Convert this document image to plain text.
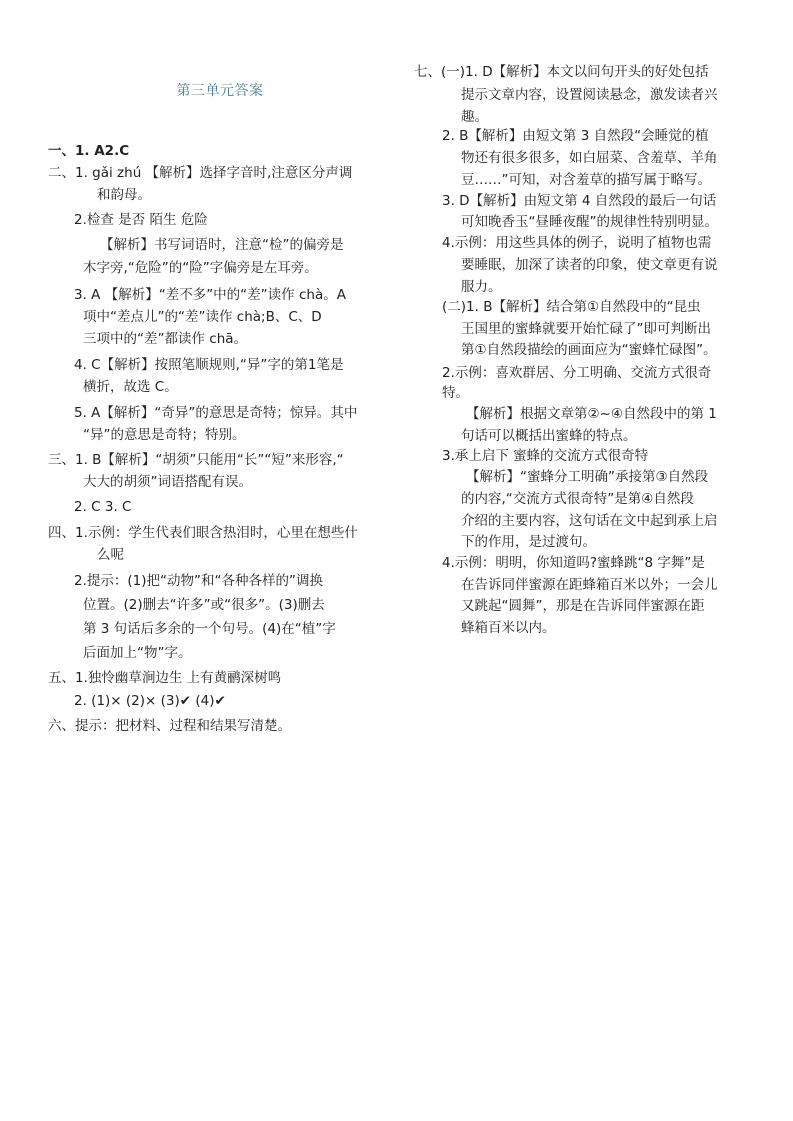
第三单元答案
一、1. A2.C
二、1. gǎi zhú 【解析】选择字音时,注意区分声调
和韵母。
2.检查 是否 陌生 危险
【解析】书写词语时，注意“检”的偏旁是
木字旁,“危险”的“险”字偏旁是左耳旁。
3. A 【解析】“差不多”中的“差”读作 chà。A
项中“差点儿”的“差”读作 chà;B、C、D
三项中的“差”都读作 chā。
4. C【解析】按照笔顺规则,“异”字的第1笔是
横折，故选 C。
5. A【解析】“奇异”的意思是奇特；惊异。其中
“异”的意思是奇特；特别。
三、1. B【解析】“胡须”只能用“长”“短”来形容,“
大大的胡须”词语搭配有误。
2. C 3. C
四、1.示例：学生代表们眼含热泪时，心里在想些什
么呢
2.提示：(1)把“动物”和“各种各样的”调换
位置。(2)删去“许多”或“很多”。(3)删去
第 3 句话后多余的一个句号。(4)在“植”字
后面加上“物”字。
五、1.独怜幽草涧边生 上有黄鹂深树鸣
2. (1)× (2)× (3)✔ (4)✔
六、提示：把材料、过程和结果写清楚。
七、(一)1. D【解析】本文以问句开头的好处包括
提示文章内容，设置阅读悬念，激发读者兴
趣。
2. B【解析】由短文第 3 自然段“会睡觉的植
物还有很多很多，如白屈菜、含羞草、羊角
豆……”可知，对含羞草的描写属于略写。
3. D【解析】由短文第 4 自然段的最后一句话
可知晚香玉“昼睡夜醒”的规律性特别明显。
4.示例：用这些具体的例子，说明了植物也需
要睡眠，加深了读者的印象，使文章更有说
服力。
(二)1. B【解析】结合第①自然段中的“昆虫
王国里的蜜蜂就要开始忙碌了”即可判断出
第①自然段描绘的画面应为“蜜蜂忙碌图”。
2.示例：喜欢群居、分工明确、交流方式很奇
特。
【解析】根据文章第②~④自然段中的第 1
句话可以概括出蜜蜂的特点。
3.承上启下 蜜蜂的交流方式很奇特
【解析】“蜜蜂分工明确”承接第③自然段
的内容,“交流方式很奇特”是第④自然段
介绍的主要内容，这句话在文中起到承上启
下的作用，是过渡句。
4.示例：明明，你知道吗?蜜蜂跳“8 字舞”是
在告诉同伴蜜源在距蜂箱百米以外；一会儿
又跳起“圆舞”，那是在告诉同伴蜜源在距
蜂箱百米以内。
